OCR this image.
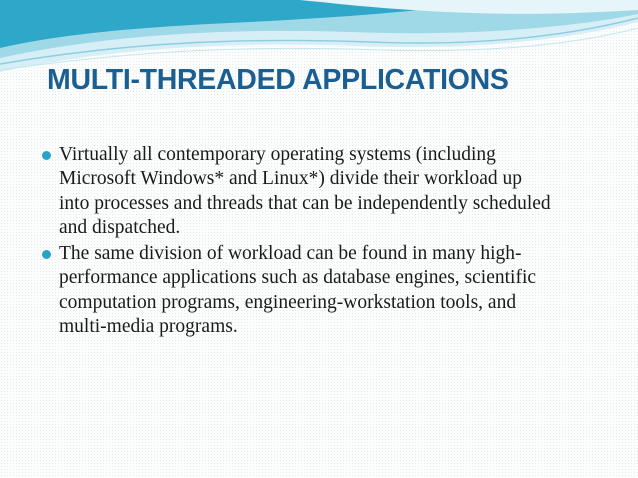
MULTI-THREADED APPLICATIONS
Virtually all contemporary operating systems (including
Microsoft Windows* and Linux*) divide their workload up
into processes and threads that can be independently scheduled
and dispatched.
The same division of workload can be found in many high-
performance applications such as database engines, scientific
computation programs, engineering-workstation tools, and
multi-media programs.
